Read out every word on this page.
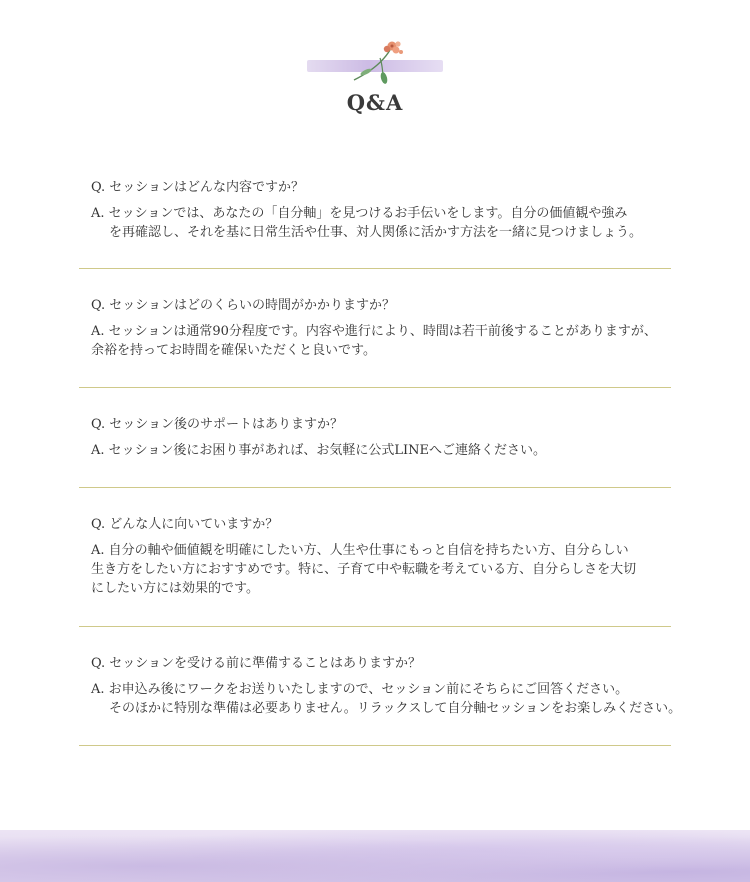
Q&A
Q. セッションはどんな内容ですか？
A. セッションでは、あなたの「自分軸」を見つけるお手伝いをします。自分の価値観や強み
を再確認し、それを基に日常生活や仕事、対人関係に活かす方法を一緒に見つけましょう。
Q. セッションはどのくらいの時間がかかりますか？
A. セッションは通常90分程度です。内容や進行により、時間は若干前後することがありますが、
余裕を持ってお時間を確保いただくと良いです。
Q. セッション後のサポートはありますか？
A. セッション後にお困り事があれば、お気軽に公式LINEへご連絡ください。
Q. どんな人に向いていますか？
A. 自分の軸や価値観を明確にしたい方、人生や仕事にもっと自信を持ちたい方、自分らしい
生き方をしたい方におすすめです。特に、子育て中や転職を考えている方、自分らしさを大切
にしたい方には効果的です。
Q. セッションを受ける前に準備することはありますか？
A. お申込み後にワークをお送りいたしますので、セッション前にそちらにご回答ください。
そのほかに特別な準備は必要ありません。リラックスして自分軸セッションをお楽しみください。
